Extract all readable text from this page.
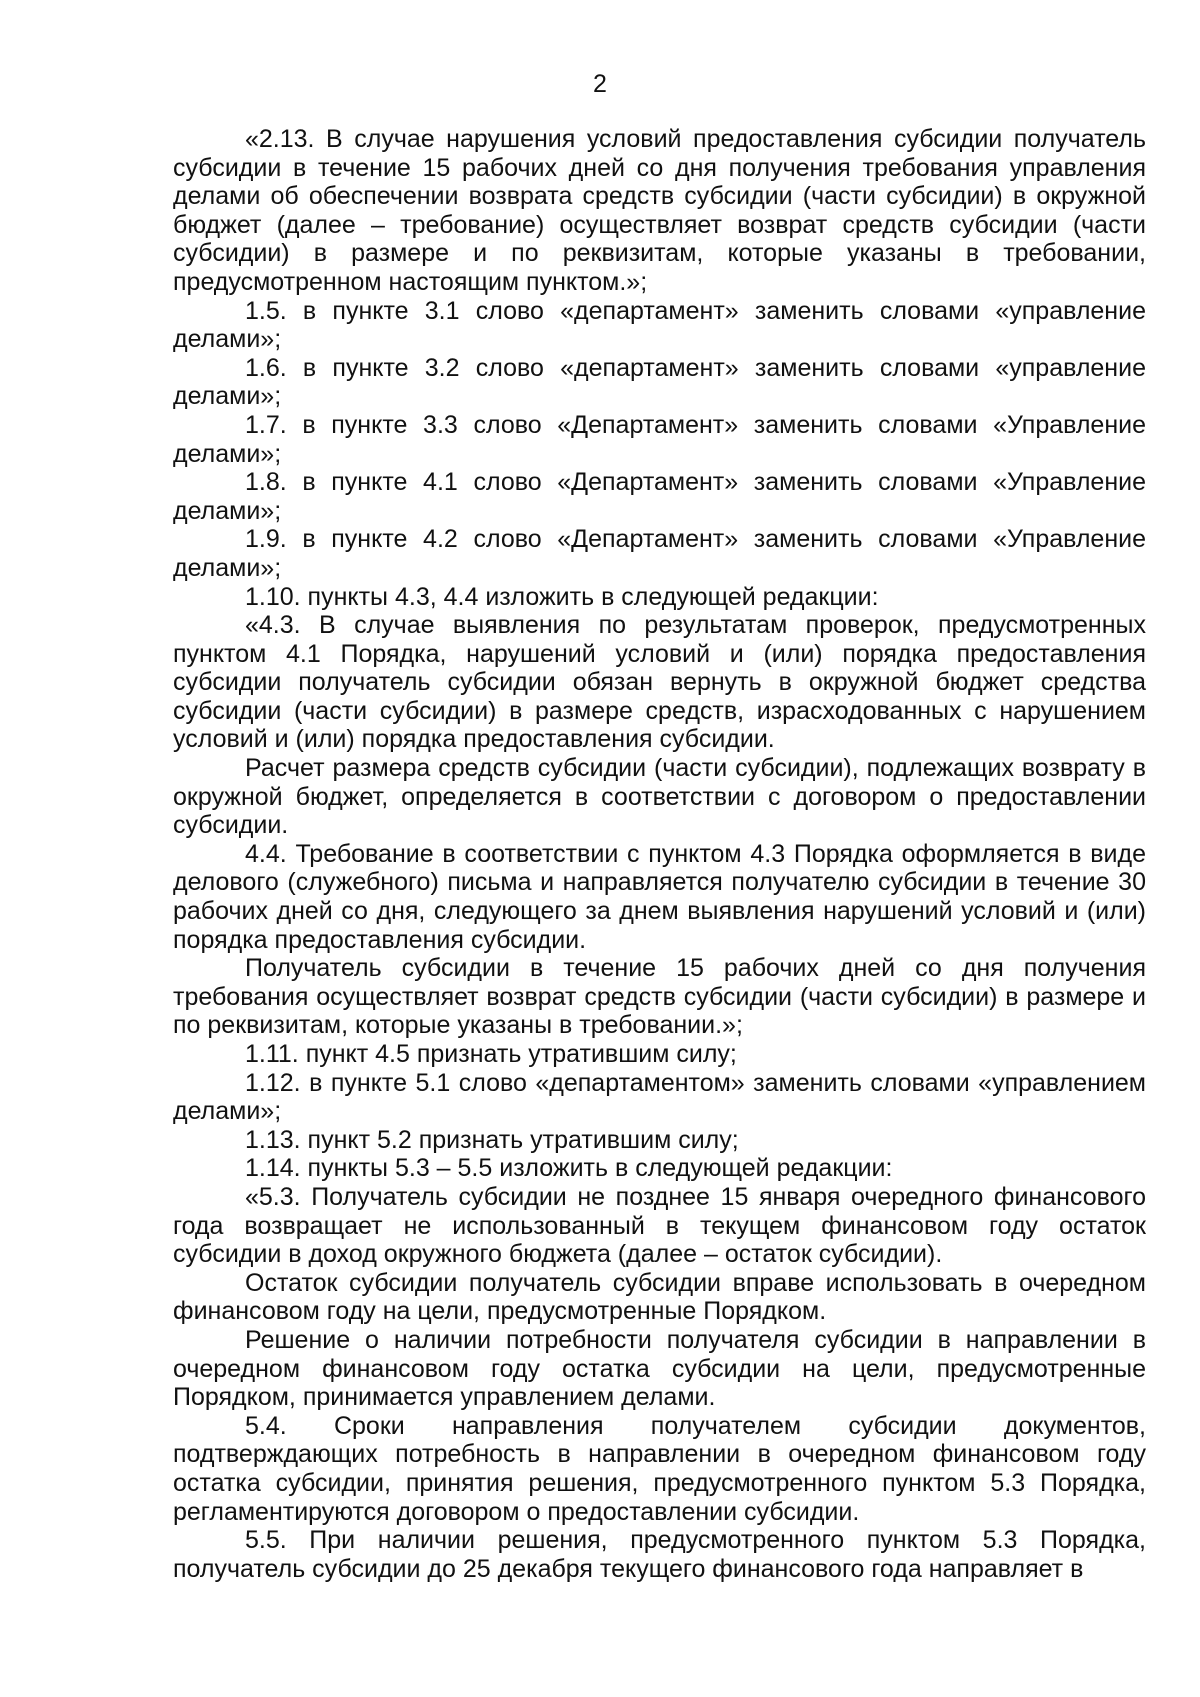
2

«2.13. В случае нарушения условий предоставления субсидии получатель субсидии в течение 15 рабочих дней со дня получения требования управления делами об обеспечении возврата средств субсидии (части субсидии) в окружной бюджет (далее – требование) осуществляет возврат средств субсидии (части субсидии) в размере и по реквизитам, которые указаны в требовании, предусмотренном настоящим пунктом.»;

1.5. в пункте 3.1 слово «департамент» заменить словами «управление делами»;

1.6. в пункте 3.2 слово «департамент» заменить словами «управление делами»;

1.7. в пункте 3.3 слово «Департамент» заменить словами «Управление делами»;

1.8. в пункте 4.1 слово «Департамент» заменить словами «Управление делами»;

1.9. в пункте 4.2 слово «Департамент» заменить словами «Управление делами»;

1.10. пункты 4.3, 4.4 изложить в следующей редакции:

«4.3. В случае выявления по результатам проверок, предусмотренных пунктом 4.1 Порядка, нарушений условий и (или) порядка предоставления субсидии получатель субсидии обязан вернуть в окружной бюджет средства субсидии (части субсидии) в размере средств, израсходованных с нарушением условий и (или) порядка предоставления субсидии.

Расчет размера средств субсидии (части субсидии), подлежащих возврату в окружной бюджет, определяется в соответствии с договором о предоставлении субсидии.

4.4. Требование в соответствии с пунктом 4.3 Порядка оформляется в виде делового (служебного) письма и направляется получателю субсидии в течение 30 рабочих дней со дня, следующего за днем выявления нарушений условий и (или) порядка предоставления субсидии.

Получатель субсидии в течение 15 рабочих дней со дня получения требования осуществляет возврат средств субсидии (части субсидии) в размере и по реквизитам, которые указаны в требовании.»;

1.11. пункт 4.5 признать утратившим силу;

1.12. в пункте 5.1 слово «департаментом» заменить словами «управлением делами»;

1.13. пункт 5.2 признать утратившим силу;

1.14. пункты 5.3 – 5.5 изложить в следующей редакции:

«5.3. Получатель субсидии не позднее 15 января очередного финансового года возвращает не использованный в текущем финансовом году остаток субсидии в доход окружного бюджета (далее – остаток субсидии).

Остаток субсидии получатель субсидии вправе использовать в очередном финансовом году на цели, предусмотренные Порядком.

Решение о наличии потребности получателя субсидии в направлении в очередном финансовом году остатка субсидии на цели, предусмотренные Порядком, принимается управлением делами.

5.4. Сроки направления получателем субсидии документов, подтверждающих потребность в направлении в очередном финансовом году остатка субсидии, принятия решения, предусмотренного пунктом 5.3 Порядка, регламентируются договором о предоставлении субсидии.

5.5. При наличии решения, предусмотренного пунктом 5.3 Порядка, получатель субсидии до 25 декабря текущего финансового года направляет в
